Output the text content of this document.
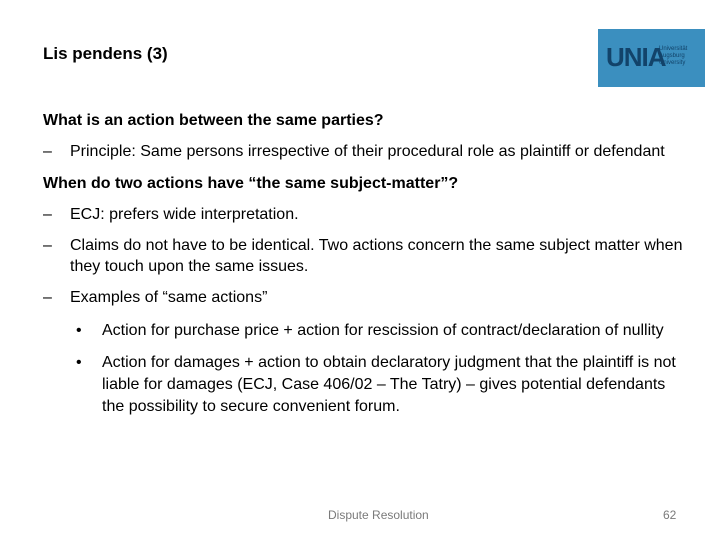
Lis pendens (3)	UNIA
Universität
Augsburg
University
What is an action between the same parties?
– Principle: Same persons irrespective of their procedural role as plaintiff or defendant
When do two actions have “the same subject-matter”?
– ECJ: prefers wide interpretation.
– Claims do not have to be identical. Two actions concern the same subject matter when they touch upon the same issues.
– Examples of “same actions”
• Action for purchase price + action for rescission of contract/declaration of nullity
• Action for damages + action to obtain declaratory judgment that the plaintiff is not liable for damages (ECJ, Case 406/02 – The Tatry) – gives potential defendants the possibility to secure convenient forum.
Dispute Resolution	62
